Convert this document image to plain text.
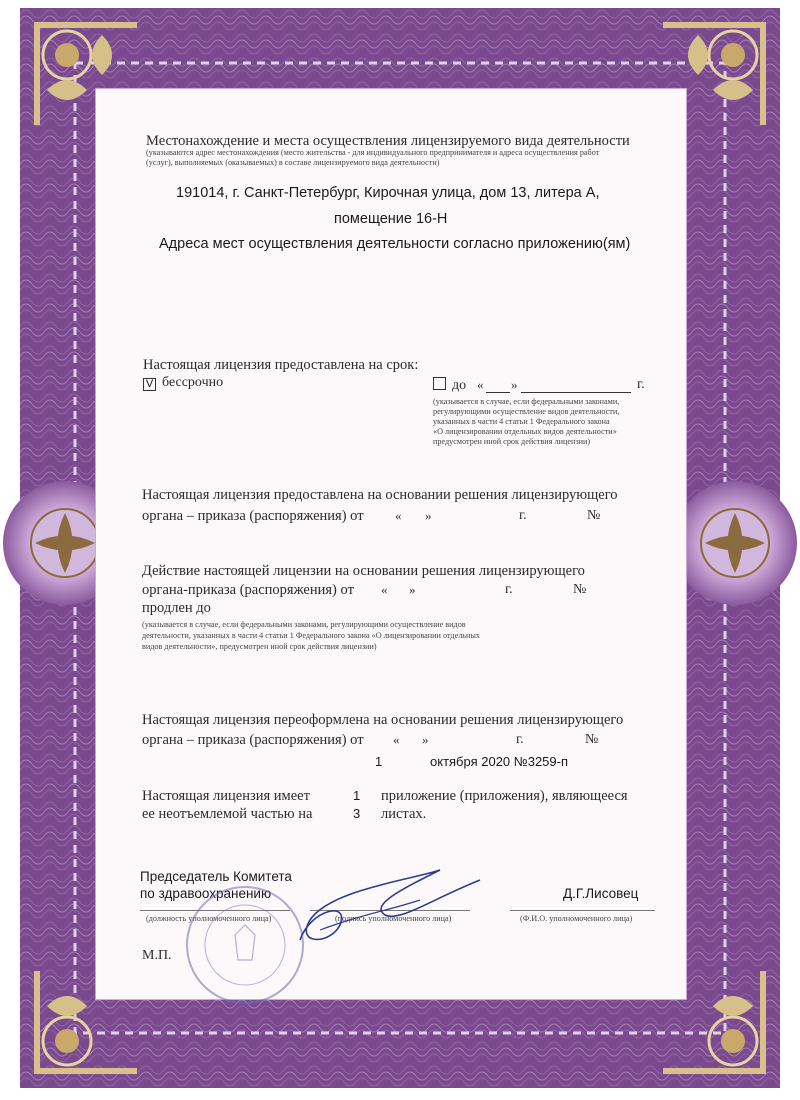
Местонахождение и места осуществления лицензируемого вида деятельности
(указываются адрес местонахождения (место жительства - для индивидуального предпринимателя и адреса осуществления работ
(услуг), выполняемых (оказываемых) в составе лицензируемого вида деятельности)
191014, г. Санкт-Петербург, Кирочная улица, дом 13, литера А,
помещение 16-Н
Адреса мест осуществления деятельности согласно приложению(ям)
Настоящая лицензия предоставлена на срок:
V бессрочно	до « »	г.
(указывается в случае, если федеральными законами,
регулирующими осуществление видов деятельности,
указанных в части 4 статьи 1 Федерального закона
«О лицензировании отдельных видов деятельности»
предусмотрен иной срок действия лицензии)
Настоящая лицензия предоставлена на основании решения лицензирующего
органа – приказа (распоряжения) от « »	г.	№
Действие настоящей лицензии на основании решения лицензирующего
органа-приказа (распоряжения) от « »	г.	№
продлен до
(указывается в случае, если федеральными законами, регулирующими осуществление видов
деятельности, указанных в части 4 статьи 1 Федерального закона «О лицензировании отдельных
видов деятельности», предусмотрен иной срок действия лицензии)
Настоящая лицензия переоформлена на основании решения лицензирующего
органа – приказа (распоряжения) от « »	г.	№
1	октября 2020 №3259-п
Настоящая лицензия имеет	1 приложение (приложения), являющееся
ее неотъемлемой частью на	3 листах.
Председатель Комитета
по здравоохранению	Д.Г.Лисовец
(должность уполномоченного лица)	(подпись уполномоченного лица)	(Ф.И.О. уполномоченного лица)
М.П.
